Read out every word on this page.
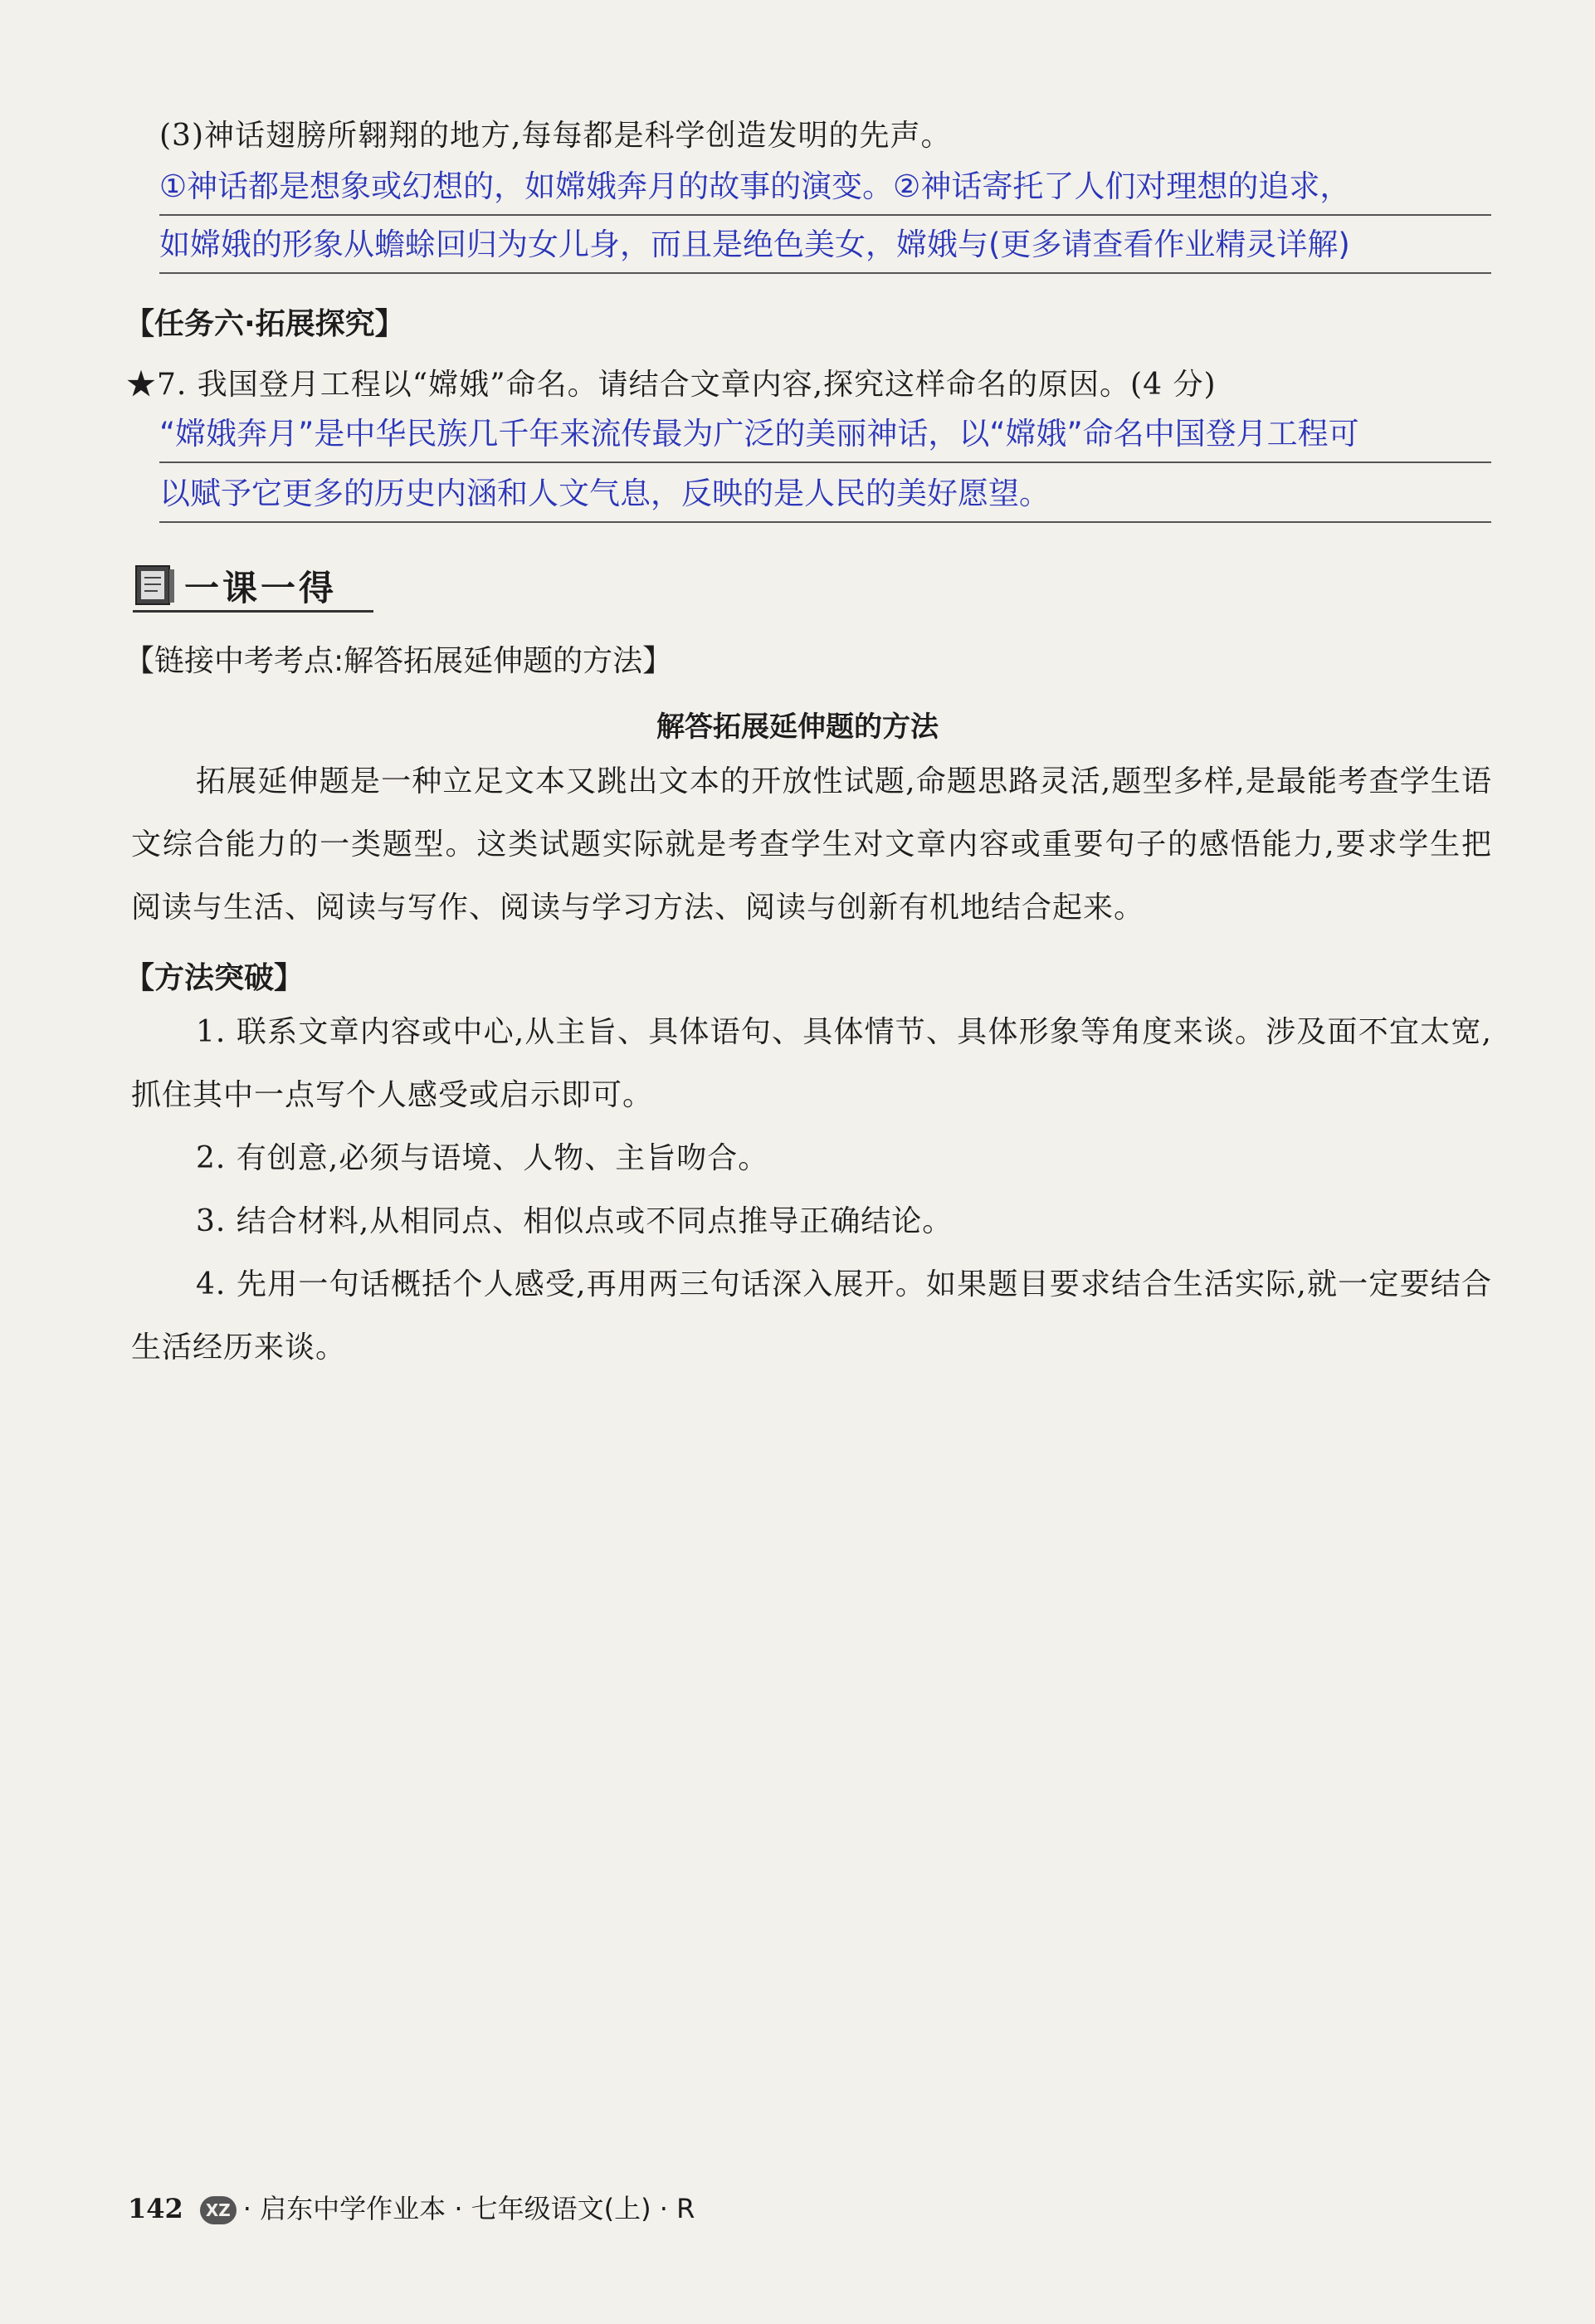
(3)神话翅膀所翱翔的地方,每每都是科学创造发明的先声。
①神话都是想象或幻想的，如嫦娥奔月的故事的演变。②神话寄托了人们对理想的追求，
如嫦娥的形象从蟾蜍回归为女儿身，而且是绝色美女，嫦娥与(更多请查看作业精灵详解)
【任务六·拓展探究】
★7. 我国登月工程以“嫦娥”命名。请结合文章内容,探究这样命名的原因。(4 分)
“嫦娥奔月”是中华民族几千年来流传最为广泛的美丽神话，以“嫦娥”命名中国登月工程可
以赋予它更多的历史内涵和人文气息，反映的是人民的美好愿望。
一课一得
【链接中考考点:解答拓展延伸题的方法】
解答拓展延伸题的方法
拓展延伸题是一种立足文本又跳出文本的开放性试题,命题思路灵活,题型多样,是最能考查学生语文综合能力的一类题型。这类试题实际就是考查学生对文章内容或重要句子的感悟能力,要求学生把阅读与生活、阅读与写作、阅读与学习方法、阅读与创新有机地结合起来。
【方法突破】
1. 联系文章内容或中心,从主旨、具体语句、具体情节、具体形象等角度来谈。涉及面不宜太宽,抓住其中一点写个人感受或启示即可。
2. 有创意,必须与语境、人物、主旨吻合。
3. 结合材料,从相同点、相似点或不同点推导正确结论。
4. 先用一句话概括个人感受,再用两三句话深入展开。如果题目要求结合生活实际,就一定要结合生活经历来谈。
142 XZ · 启东中学作业本 · 七年级语文(上) · R
